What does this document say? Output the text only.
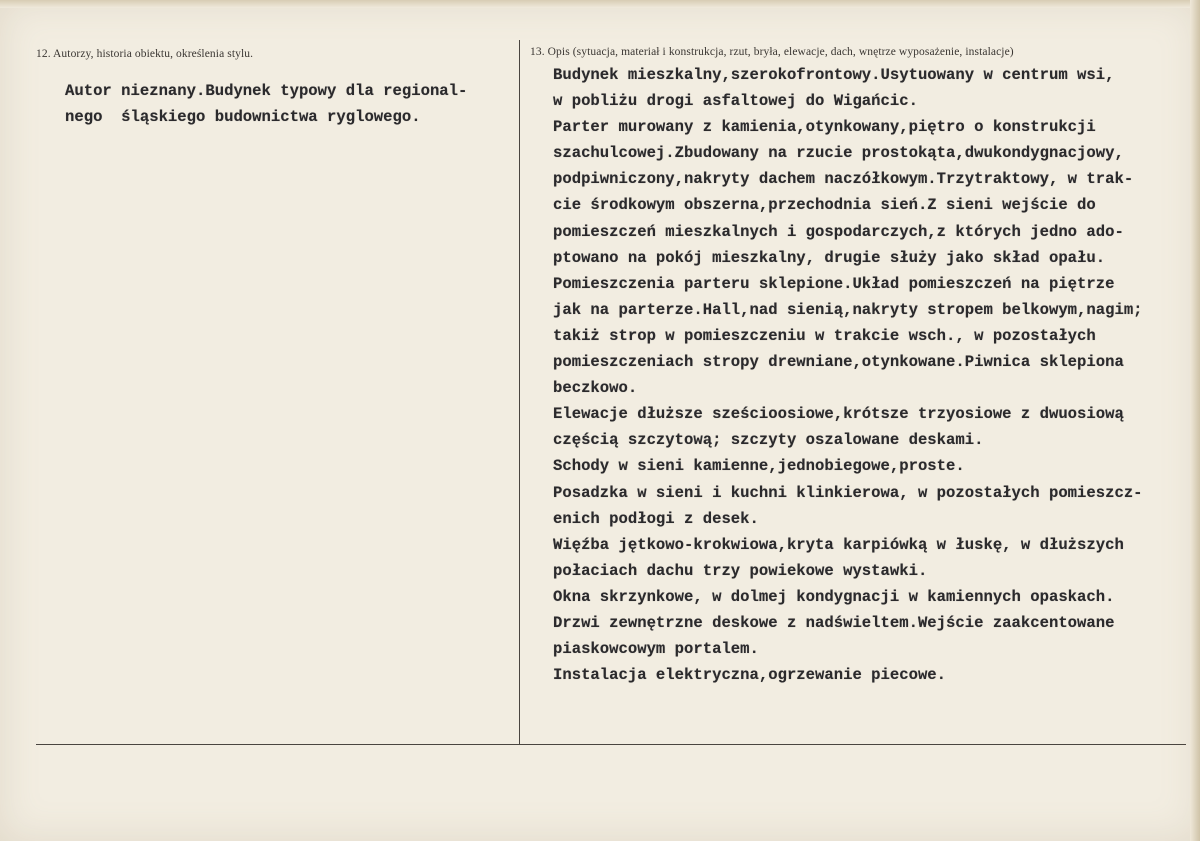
12. Autorzy, historia obiektu, określenia stylu.	13. Opis (sytuacja, materiał i konstrukcja, rzut, bryła, elewacje, dach, wnętrze wyposażenie, instalacje)
Autor nieznany.Budynek typowy dla regional-
nego  śląskiego budownictwa ryglowego.
Budynek mieszkalny,szerokofrontowy.Usytuowany w centrum wsi,
w pobliżu drogi asfaltowej do Wigańcic.
Parter murowany z kamienia,otynkowany,piętro o konstrukcji
szachulcowej.Zbudowany na rzucie prostokąta,dwukondygnacjowy,
podpiwniczony,nakryty dachem naczółkowym.Trzytraktowy, w trak-
cie środkowym obszerna,przechodnia sień.Z sieni wejście do
pomieszczeń mieszkalnych i gospodarczych,z których jedno ado-
ptowano na pokój mieszkalny, drugie służy jako skład opału.
Pomieszczenia parteru sklepione.Układ pomieszczeń na piętrze
jak na parterze.Hall,nad sienią,nakryty stropem belkowym,nagim;
takiż strop w pomieszczeniu w trakcie wsch., w pozostałych
pomieszczeniach stropy drewniane,otynkowane.Piwnica sklepiona
beczkowo.
Elewacje dłuższe sześcioosiowe,krótsze trzyosiowe z dwuosiową
częścią szczytową; szczyty oszalowane deskami.
Schody w sieni kamienne,jednobiegowe,proste.
Posadzka w sieni i kuchni klinkierowa, w pozostałych pomieszcz-
enich podłogi z desek.
Więźba jętkowo-krokwiowa,kryta karpiówką w łuskę, w dłuższych
połaciach dachu trzy powiekowe wystawki.
Okna skrzynkowe, w dolmej kondygnacji w kamiennych opaskach.
Drzwi zewnętrzne deskowe z nadświeltem.Wejście zaakcentowane
piaskowcowym portalem.
Instalacja elektryczna,ogrzewanie piecowe.
